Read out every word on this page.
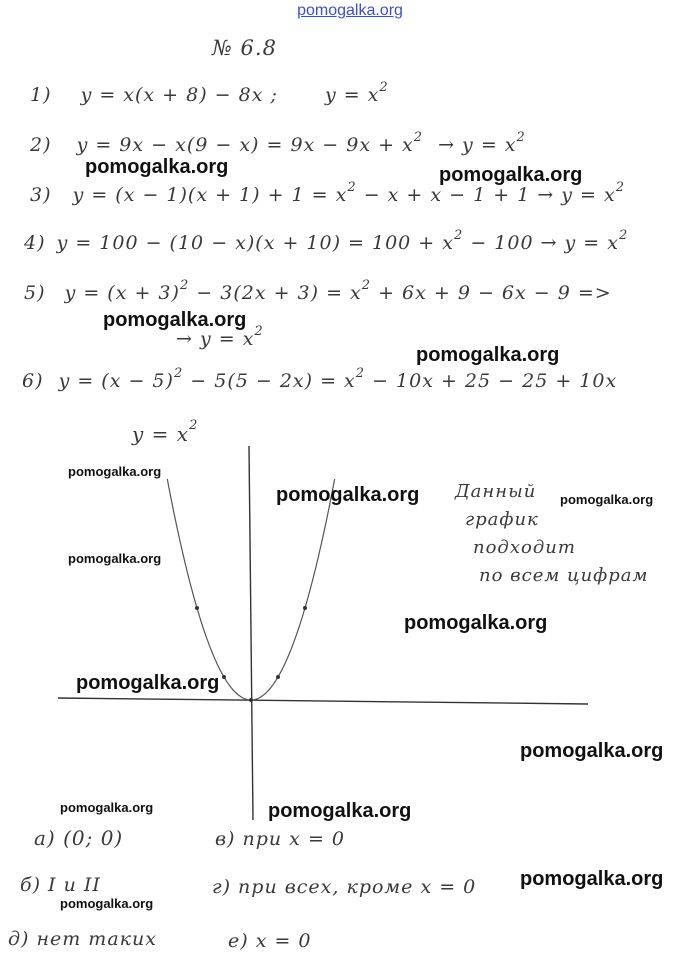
pomogalka.org
№ 6.8
1) y = x(x + 8) − 8x ; $y = x^2$
2) $y = 9x - x(9 - x) = 9x - 9x + x^2 \to y = x^2$
3) $y = (x - 1)(x + 1) + 1 = x^2 - x + x - 1 + 1 \to y = x^2$
4) $y = 100 - (10 - x)(x + 10) = 100 + x^2 - 100 \to y = x^2$
5) $y = (x + 3)^2 - 3(2x + 3) = x^2 + 6x + 9 - 6x - 9$ =>
→ $y = x^2$
6) $y = (x - 5)^2 - 5(5 - 2x) = x^2 - 10x + 25 - 25 + 10x$
$y = x^2$
Данный
график
подходит
по всем цифрам
а) (0; 0)	в) при x = 0
б) I и II	г) при всех, кроме x = 0
д) нет таких	е) x = 0
pomogalka.org	pomogalka.org
pomogalka.org
pomogalka.org
pomogalka.org
pomogalka.org	pomogalka.org
pomogalka.org
pomogalka.org
pomogalka.org
pomogalka.org
pomogalka.org	pomogalka.org
pomogalka.org
pomogalka.org
